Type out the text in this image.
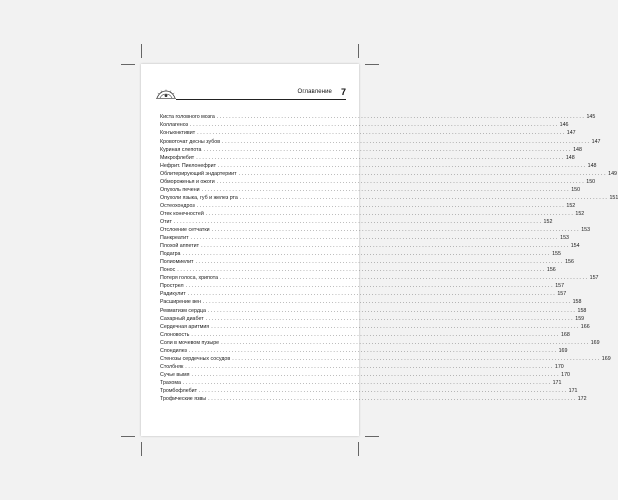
Оглавление 7
Киста головного мозга ........................................................................................................................ 145
Коллагеноз ........................................................................................................................ 146
Конъюнктивит ........................................................................................................................ 147
Кровоточат десны зубов ........................................................................................................................ 147
Куриная слепота ........................................................................................................................ 148
Микрофлебит ........................................................................................................................ 148
Нефрит. Пиелонефрит ........................................................................................................................ 148
Облитерирующий эндартериит ........................................................................................................................ 149
Обмороженья и ожоги ........................................................................................................................ 150
Опухоль печени ........................................................................................................................ 150
Опухоли языка, губ и желез рта ........................................................................................................................ 151
Остеохондроз ........................................................................................................................ 152
Отек конечностей ........................................................................................................................ 152
Отит ........................................................................................................................ 152
Отслоение сетчатки ........................................................................................................................ 153
Панкреатит ........................................................................................................................ 153
Плохой аппетит ........................................................................................................................ 154
Подагра ........................................................................................................................ 155
Полиомиелит ........................................................................................................................ 156
Понос ........................................................................................................................ 156
Потеря голоса, хрипота ........................................................................................................................ 157
Прострел ........................................................................................................................ 157
Радикулит ........................................................................................................................ 157
Расширение вен ........................................................................................................................ 158
Ревматизм сердца ........................................................................................................................ 158
Сахарный диабет ........................................................................................................................ 159
Сердечная аритмия ........................................................................................................................ 166
Слоновость ........................................................................................................................ 168
Соли в мочевом пузыре ........................................................................................................................ 169
Спондилез ........................................................................................................................ 169
Стенозы сердечных сосудов ........................................................................................................................ 169
Столбняк ........................................................................................................................ 170
Сучье вымя ........................................................................................................................ 170
Трахома ........................................................................................................................ 171
Тромбофлебит ........................................................................................................................ 171
Трофические язвы ........................................................................................................................ 172
